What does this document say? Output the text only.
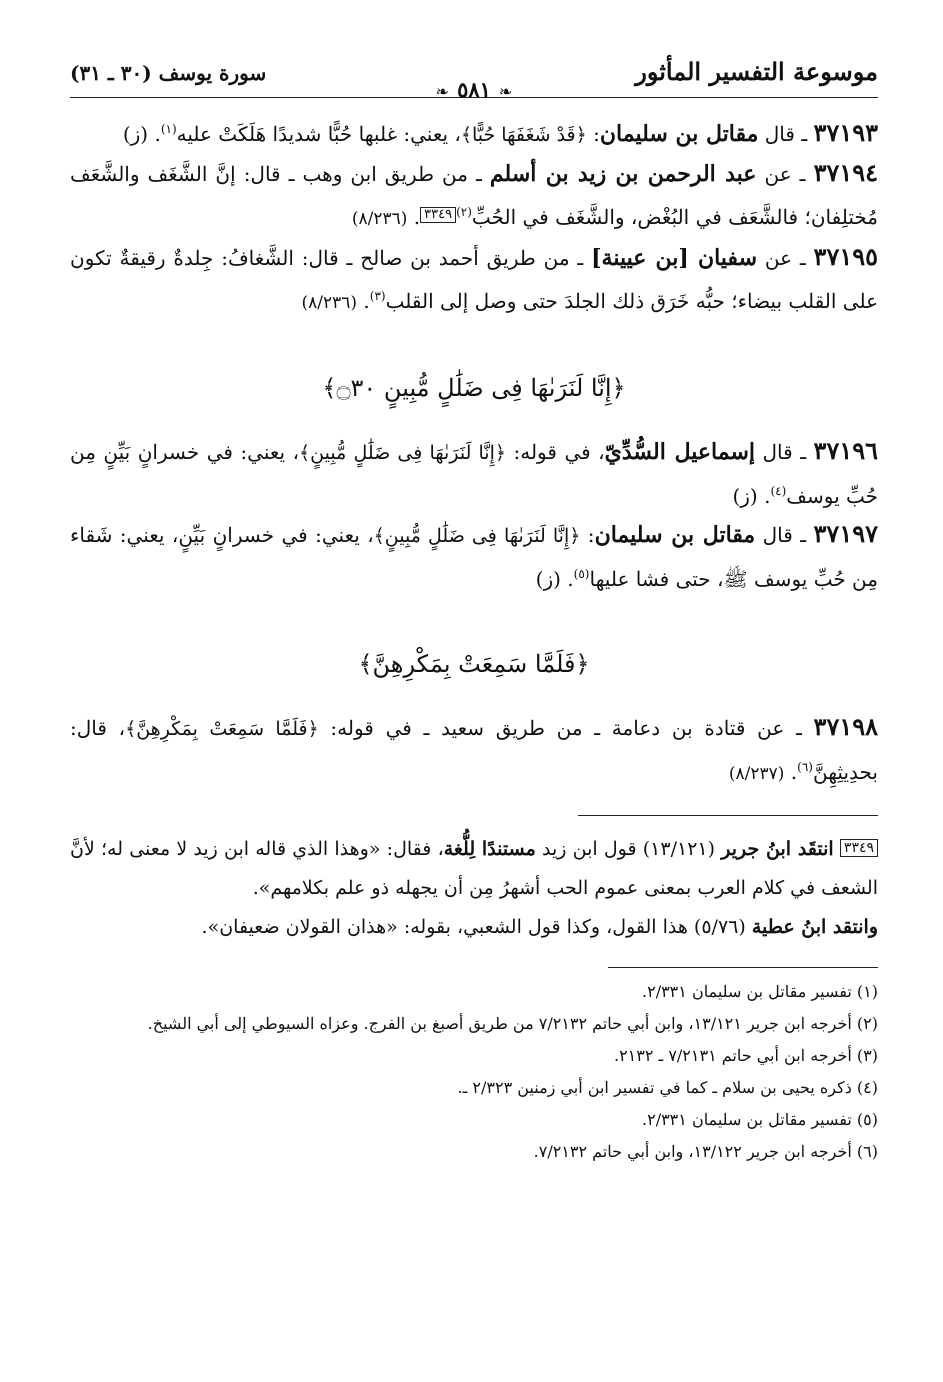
موسوعة التفسير المأثور
سورة يوسف (٣٠ ـ ٣١)
❧٥٨١❧

٣٧١٩٣ ـ قال مقاتل بن سليمان: ﴿قَدْ شَغَفَهَا حُبًّا﴾، يعني: غلبها حُبًّا شديدًا هَلَكَتْ عليه$^{(١)}$. (ز)

٣٧١٩٤ ـ عن عبد الرحمن بن زيد بن أسلم ـ من طريق ابن وهب ـ قال: إنَّ الشَّغَف والشَّعَف مُختلِفان؛ فالشَّعَف في البُغْض، والشَّغَف في الحُبِّ$^{(٢)}$٣٣٤٩. (٨/٢٣٦)

٣٧١٩٥ ـ عن سفيان [بن عيينة] ـ من طريق أحمد بن صالح ـ قال: الشَّغافُ: جِلدةٌ رقيقةٌ تكون على القلب بيضاء؛ حبُّه خَرَق ذلك الجلدَ حتى وصل إلى القلب$^{(٣)}$. (٨/٢٣٦)

﴿إِنَّا لَنَرَىٰهَا فِى ضَلَٰلٍ مُّبِينٍ ۝٣٠﴾

٣٧١٩٦ ـ قال إسماعيل السُّدِّيّ، في قوله: ﴿إِنَّا لَنَرَىٰهَا فِى ضَلَٰلٍ مُّبِينٍ﴾، يعني: في خسرانٍ بَيِّنٍ مِن حُبِّ يوسف$^{(٤)}$. (ز)

٣٧١٩٧ ـ قال مقاتل بن سليمان: ﴿إِنَّا لَنَرَىٰهَا فِى ضَلَٰلٍ مُّبِينٍ﴾، يعني: في خسرانٍ بَيِّنٍ، يعني: شَقاء مِن حُبِّ يوسف ﷺ، حتى فشا عليها$^{(٥)}$. (ز)

﴿فَلَمَّا سَمِعَتْ بِمَكْرِهِنَّ﴾

٣٧١٩٨ ـ عن قتادة بن دعامة ـ من طريق سعيد ـ في قوله: ﴿فَلَمَّا سَمِعَتْ بِمَكْرِهِنَّ﴾، قال: بحدِيثِهِنَّ$^{(٦)}$. (٨/٢٣٧)

٣٣٤٩ انتقَد ابنُ جرير (١٣/١٢١) قول ابن زيد مستندًا لِلُّغة، فقال: «وهذا الذي قاله ابن زيد لا معنى له؛ لأنَّ الشعف في كلام العرب بمعنى عموم الحب أشهرُ مِن أن يجهله ذو علم بكلامهم».
وانتقد ابنُ عطية (٥/٧٦) هذا القول، وكذا قول الشعبي، بقوله: «هذان القولان ضعيفان».
(١) تفسير مقاتل بن سليمان ٢/٣٣١.
(٢) أخرجه ابن جرير ١٣/١٢١، وابن أبي حاتم ٧/٢١٣٢ من طريق أصبغ بن الفرج. وعزاه السيوطي إلى أبي الشيخ.
(٣) أخرجه ابن أبي حاتم ٧/٢١٣١ ـ ٢١٣٢.
(٤) ذكره يحيى بن سلام ـ كما في تفسير ابن أبي زمنين ٢/٣٢٣ ـ.
(٥) تفسير مقاتل بن سليمان ٢/٣٣١.
(٦) أخرجه ابن جرير ١٣/١٢٢، وابن أبي حاتم ٧/٢١٣٢.
